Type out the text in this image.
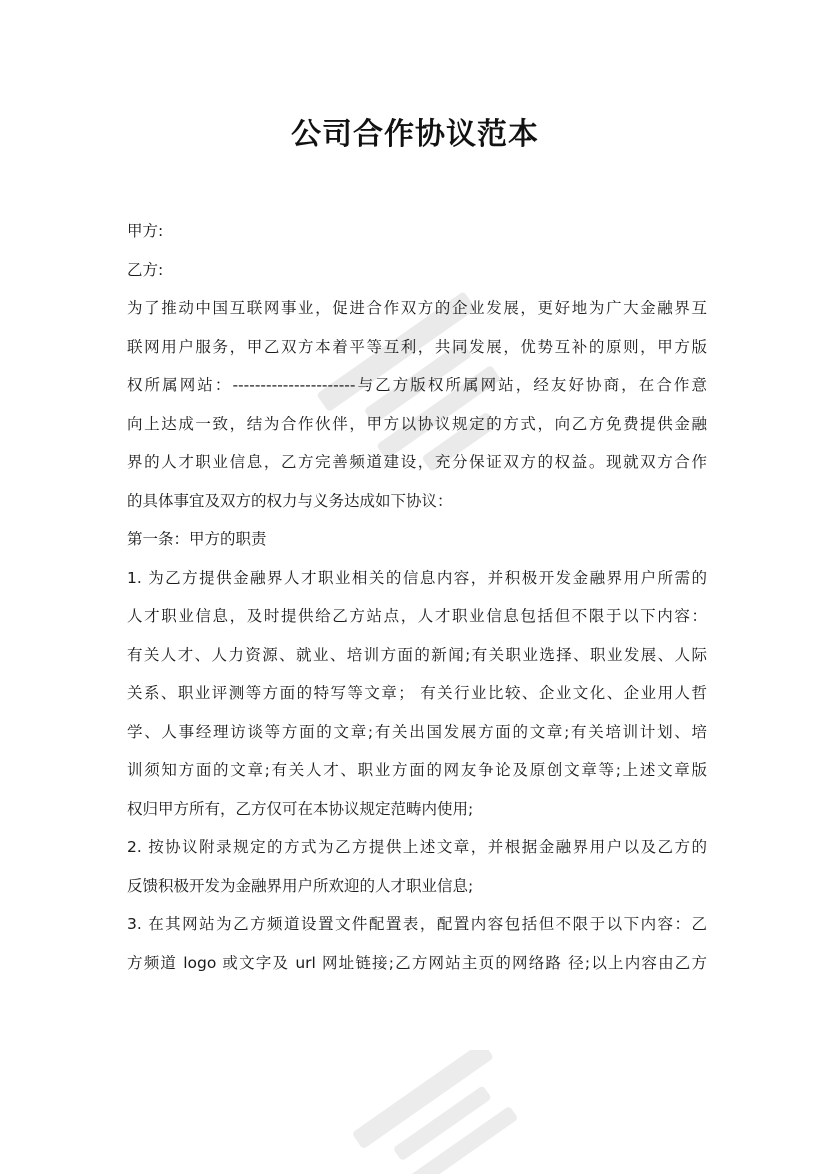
公司合作协议范本
甲方:
乙方:
为了推动中国互联网事业，促进合作双方的企业发展，更好地为广大金融界互
联网用户服务，甲乙双方本着平等互利，共同发展，优势互补的原则，甲方版
权所属网站：----------------------与乙方版权所属网站，经友好协商，在合作意
向上达成一致，结为合作伙伴，甲方以协议规定的方式，向乙方免费提供金融
界的人才职业信息，乙方完善频道建设，充分保证双方的权益。现就双方合作
的具体事宜及双方的权力与义务达成如下协议：
第一条：甲方的职责
1. 为乙方提供金融界人才职业相关的信息内容，并积极开发金融界用户所需的
人才职业信息，及时提供给乙方站点，人才职业信息包括但不限于以下内容：
有关人才、人力资源、就业、培训方面的新闻;有关职业选择、职业发展、人际
关系、职业评测等方面的特写等文章； 有关行业比较、企业文化、企业用人哲
学、人事经理访谈等方面的文章;有关出国发展方面的文章;有关培训计划、培
训须知方面的文章;有关人才、职业方面的网友争论及原创文章等;上述文章版
权归甲方所有，乙方仅可在本协议规定范畴内使用;
2. 按协议附录规定的方式为乙方提供上述文章，并根据金融界用户以及乙方的
反馈积极开发为金融界用户所欢迎的人才职业信息;
3. 在其网站为乙方频道设置文件配置表，配置内容包括但不限于以下内容：乙
方频道 logo 或文字及 url 网址链接;乙方网站主页的网络路 径;以上内容由乙方
